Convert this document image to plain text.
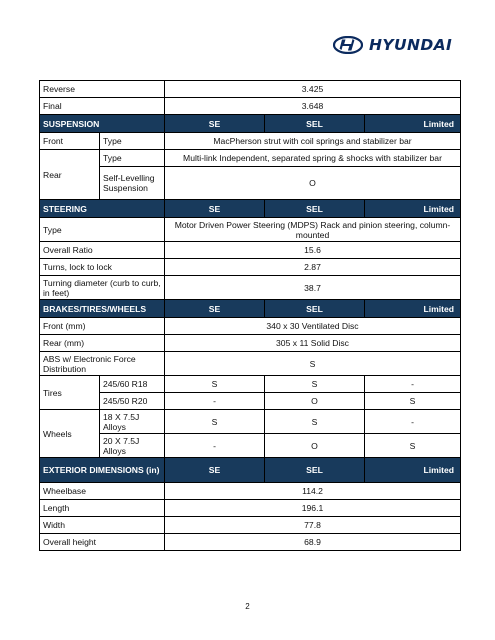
HYUNDAI
Reverse		3.425		
Final		3.648		
SUSPENSION		SE	SEL	Limited
Front	Type	MacPherson strut with coil springs and stabilizer bar		
Rear	Type	Multi-link Independent, separated spring & shocks with stabilizer bar		
	Self-Levelling Suspension	O		
STEERING		SE	SEL	Limited
Type		Motor Driven Power Steering (MDPS) Rack and pinion steering, column-mounted		
Overall Ratio		15.6		
Turns, lock to lock		2.87		
Turning diameter (curb to curb, in feet)		38.7		
BRAKES/TIRES/WHEELS		SE	SEL	Limited
Front (mm)		340 x 30 Ventilated Disc		
Rear (mm)		305 x 11 Solid Disc		
ABS w/ Electronic Force Distribution		S		
Tires	245/60 R18	S	S	-
	245/50 R20	-	O	S
Wheels	18 X 7.5J Alloys	S	S	-
	20 X 7.5J Alloys	-	O	S
EXTERIOR DIMENSIONS (in)		SE	SEL	Limited
Wheelbase		114.2		
Length		196.1		
Width		77.8		
Overall height		68.9		
2
